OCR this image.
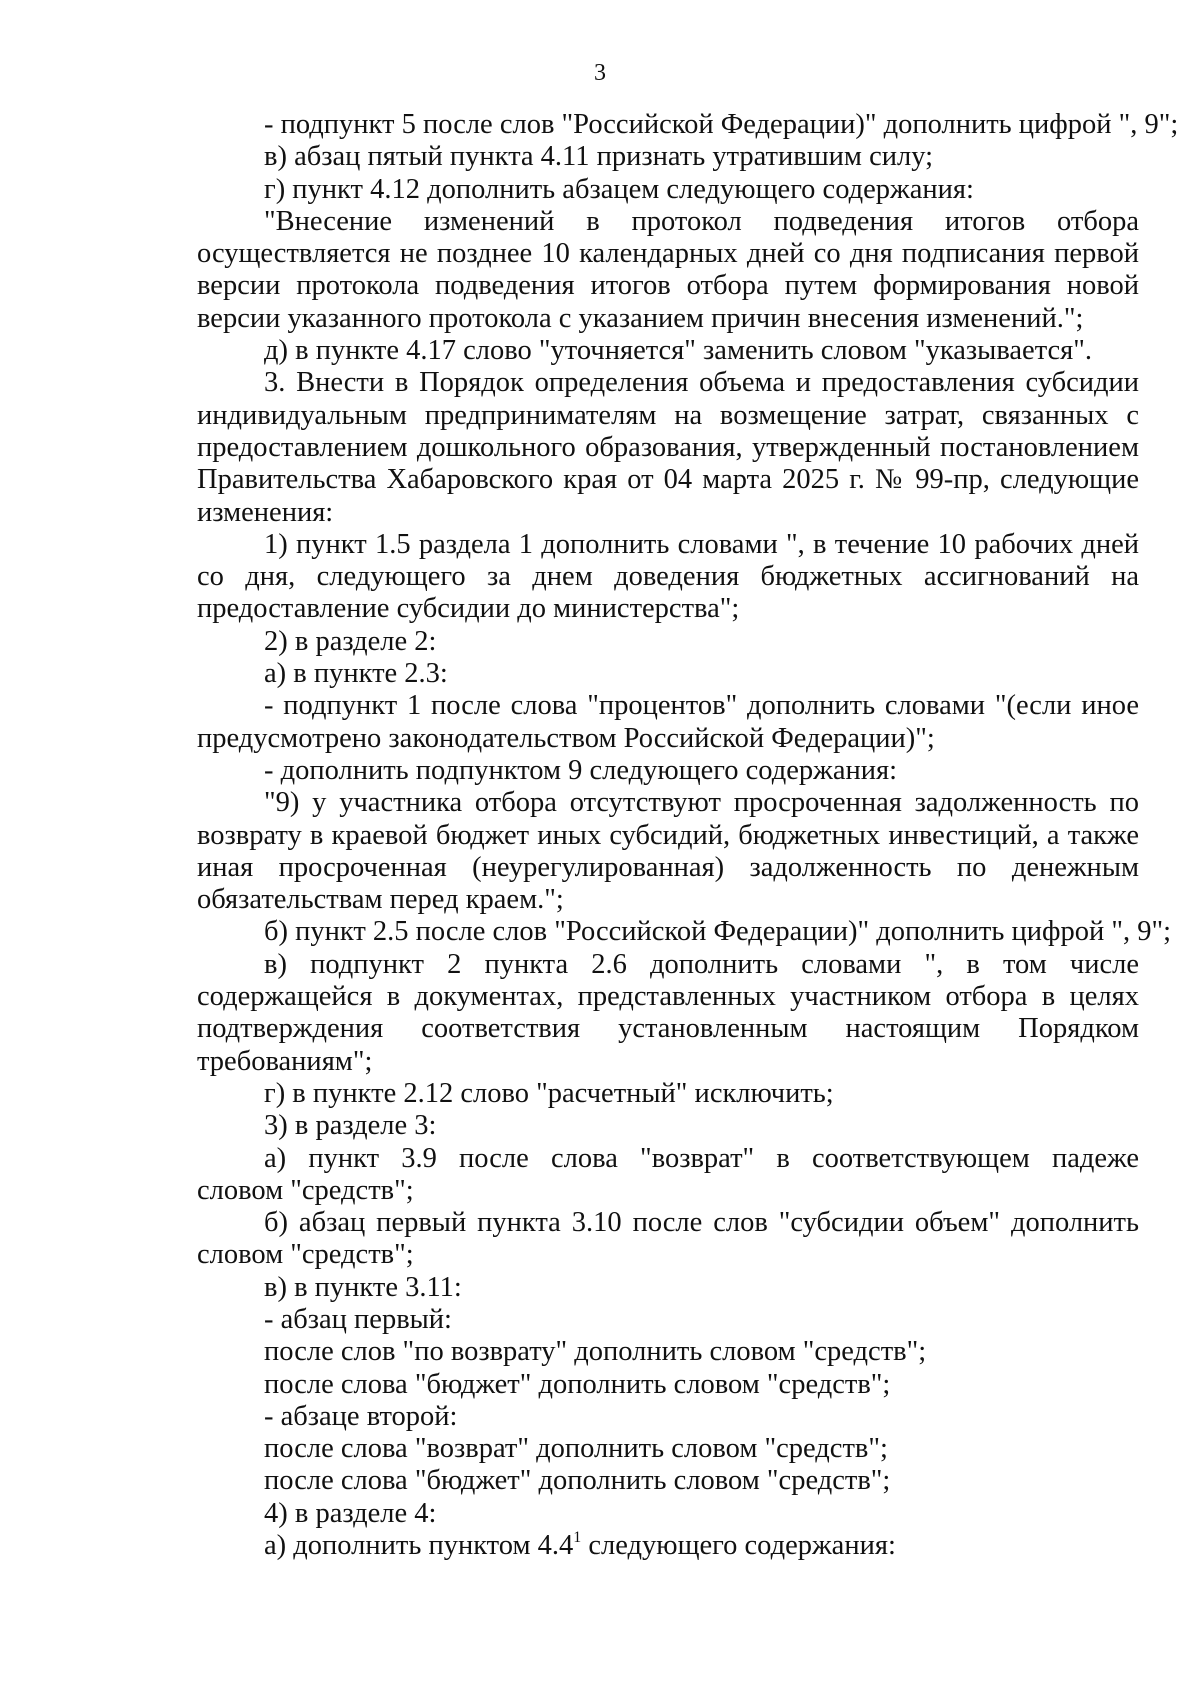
3
- подпункт 5 после слов "Российской Федерации)" дополнить цифрой ", 9";
в) абзац пятый пункта 4.11 признать утратившим силу;
г) пункт 4.12 дополнить абзацем следующего содержания:
"Внесение изменений в протокол подведения итогов отбора
осуществляется не позднее 10 календарных дней со дня подписания первой
версии протокола подведения итогов отбора путем формирования новой
версии указанного протокола с указанием причин внесения изменений.";
д) в пункте 4.17 слово "уточняется" заменить словом "указывается".
3. Внести в Порядок определения объема и предоставления субсидии
индивидуальным предпринимателям на возмещение затрат, связанных с
предоставлением дошкольного образования, утвержденный постановлением
Правительства Хабаровского края от 04 марта 2025 г. № 99-пр, следующие
изменения:
1) пункт 1.5 раздела 1 дополнить словами ", в течение 10 рабочих дней
со дня, следующего за днем доведения бюджетных ассигнований на
предоставление субсидии до министерства";
2) в разделе 2:
а) в пункте 2.3:
- подпункт 1 после слова "процентов" дополнить словами "(если иное
предусмотрено законодательством Российской Федерации)";
- дополнить подпунктом 9 следующего содержания:
"9) у участника отбора отсутствуют просроченная задолженность по
возврату в краевой бюджет иных субсидий, бюджетных инвестиций, а также
иная просроченная (неурегулированная) задолженность по денежным
обязательствам перед краем.";
б) пункт 2.5 после слов "Российской Федерации)" дополнить цифрой ", 9";
в) подпункт 2 пункта 2.6 дополнить словами ", в том числе
содержащейся в документах, представленных участником отбора в целях
подтверждения соответствия установленным настоящим Порядком
требованиям";
г) в пункте 2.12 слово "расчетный" исключить;
3) в разделе 3:
а) пункт 3.9 после слова "возврат" в соответствующем падеже
словом "средств";
б) абзац первый пункта 3.10 после слов "субсидии объем" дополнить
словом "средств";
в) в пункте 3.11:
- абзац первый:
после слов "по возврату" дополнить словом "средств";
после слова "бюджет" дополнить словом "средств";
- абзаце второй:
после слова "возврат" дополнить словом "средств";
после слова "бюджет" дополнить словом "средств";
4) в разделе 4:
а) дополнить пунктом $4.4^1$ следующего содержания:
